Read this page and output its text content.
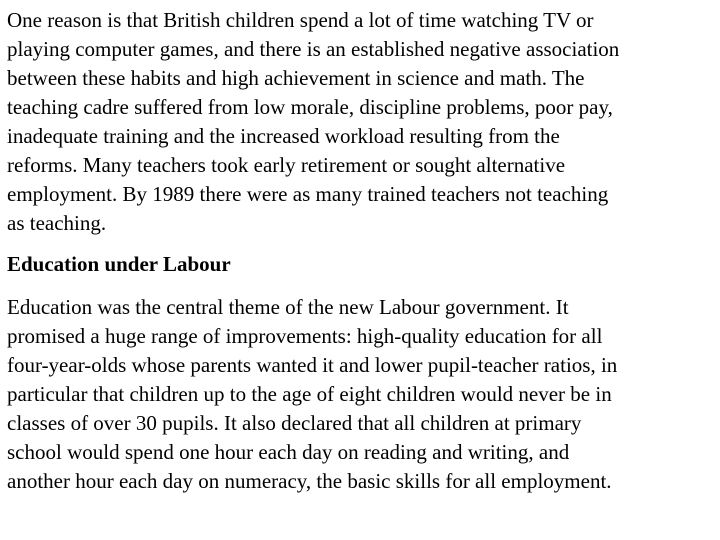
One reason is that British children spend a lot of time watching TV or
playing computer games, and there is an established negative association
between these habits and high achievement in science and math. The
teaching cadre suffered from low morale, discipline problems, poor pay,
inadequate training and the increased workload resulting from the
reforms. Many teachers took early retirement or sought alternative
employment. By 1989 there were as many trained teachers not teaching
as teaching.
Education under Labour
Education was the central theme of the new Labour government. It
promised a huge range of improvements: high-quality education for all
four-year-olds whose parents wanted it and lower pupil-teacher ratios, in
particular that children up to the age of eight children would never be in
classes of over 30 pupils. It also declared that all children at primary
school would spend one hour each day on reading and writing, and
another hour each day on numeracy, the basic skills for all employment.
